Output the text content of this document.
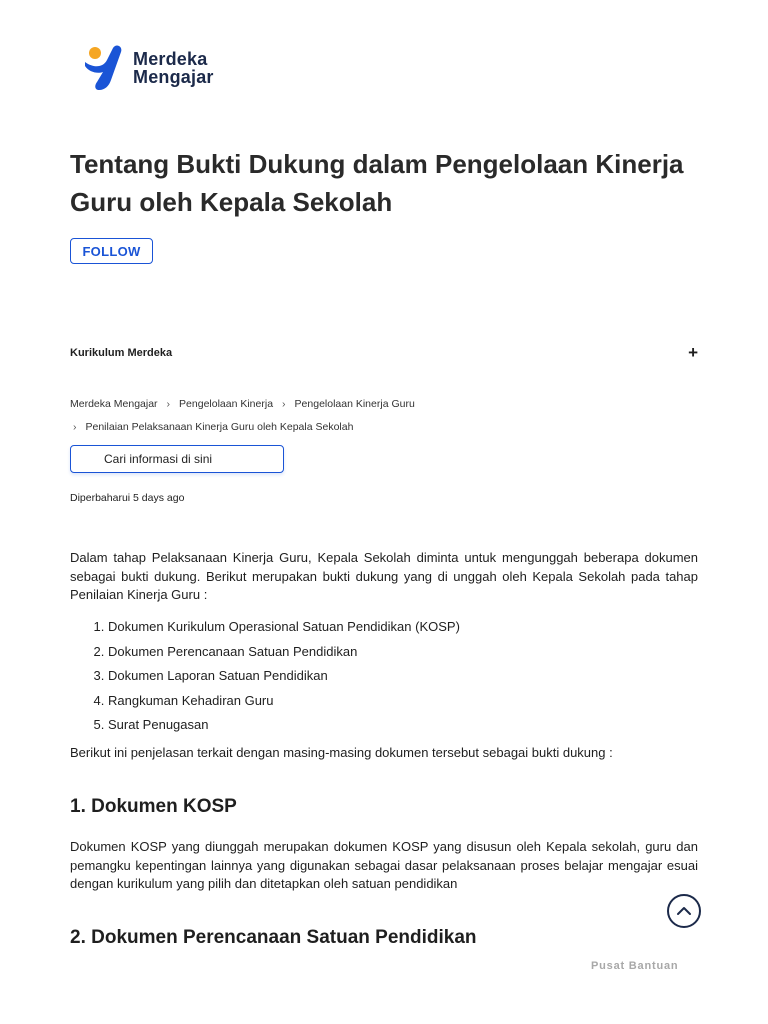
Merdeka
Mengajar
Tentang Bukti Dukung dalam Pengelolaan Kinerja Guru oleh Kepala Sekolah
FOLLOW
Kurikulum Merdeka	+
Merdeka Mengajar › Pengelolaan Kinerja › Pengelolaan Kinerja Guru
› Penilaian Pelaksanaan Kinerja Guru oleh Kepala Sekolah
Cari informasi di sini
Diperbaharui 5 days ago

Dalam tahap Pelaksanaan Kinerja Guru, Kepala Sekolah diminta untuk mengunggah beberapa dokumen sebagai bukti dukung. Berikut merupakan bukti dukung yang di unggah oleh Kepala Sekolah pada tahap Penilaian Kinerja Guru :

1. Dokumen Kurikulum Operasional Satuan Pendidikan (KOSP)
2. Dokumen Perencanaan Satuan Pendidikan
3. Dokumen Laporan Satuan Pendidikan
4. Rangkuman Kehadiran Guru
5. Surat Penugasan

Berikut ini penjelasan terkait dengan masing-masing dokumen tersebut sebagai bukti dukung :

1. Dokumen KOSP

Dokumen KOSP yang diunggah merupakan dokumen KOSP yang disusun oleh Kepala sekolah, guru dan pemangku kepentingan lainnya yang digunakan sebagai dasar pelaksanaan proses belajar mengajar esuai dengan kurikulum yang pilih dan ditetapkan oleh satuan pendidikan

2. Dokumen Perencanaan Satuan Pendidikan
Pusat Bantuan
